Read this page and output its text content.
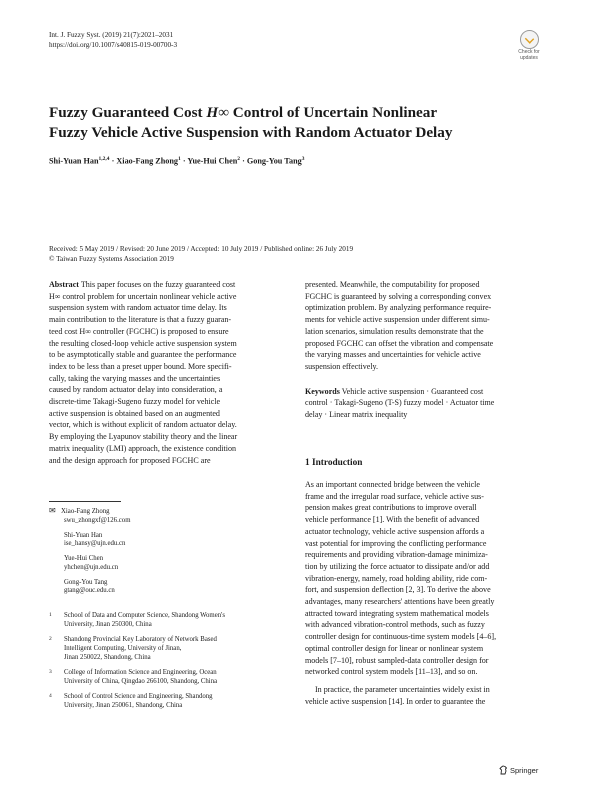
Int. J. Fuzzy Syst. (2019) 21(7):2021–2031
https://doi.org/10.1007/s40815-019-00700-3
Check for
updates
Fuzzy Guaranteed Cost H∞ Control of Uncertain Nonlinear
Fuzzy Vehicle Active Suspension with Random Actuator Delay
Shi-Yuan Han$^{1,2,4}$ · Xiao-Fang Zhong$^1$ · Yue-Hui Chen$^2$ · Gong-You Tang$^3$
Received: 5 May 2019 / Revised: 20 June 2019 / Accepted: 10 July 2019 / Published online: 26 July 2019
© Taiwan Fuzzy Systems Association 2019
Abstract This paper focuses on the fuzzy guaranteed cost
H∞ control problem for uncertain nonlinear vehicle active
suspension system with random actuator time delay. Its
main contribution to the literature is that a fuzzy guaran-
teed cost H∞ controller (FGCHC) is proposed to ensure
the resulting closed-loop vehicle active suspension system
to be asymptotically stable and guarantee the performance
index to be less than a preset upper bound. More specifi-
cally, taking the varying masses and the uncertainties
caused by random actuator delay into consideration, a
discrete-time Takagi-Sugeno fuzzy model for vehicle
active suspension is obtained based on an augmented
vector, which is without explicit of random actuator delay.
By employing the Lyapunov stability theory and the linear
matrix inequality (LMI) approach, the existence condition
and the design approach for proposed FGCHC are
presented. Meanwhile, the computability for proposed
FGCHC is guaranteed by solving a corresponding convex
optimization problem. By analyzing performance require-
ments for vehicle active suspension under different simu-
lation scenarios, simulation results demonstrate that the
proposed FGCHC can offset the vibration and compensate
the varying masses and uncertainties for vehicle active
suspension effectively.
Keywords Vehicle active suspension · Guaranteed cost
control · Takagi-Sugeno (T-S) fuzzy model · Actuator time
delay · Linear matrix inequality
1 Introduction
As an important connected bridge between the vehicle
frame and the irregular road surface, vehicle active sus-
pension makes great contributions to improve overall
vehicle performance [1]. With the benefit of advanced
actuator technology, vehicle active suspension affords a
vast potential for improving the conflicting performance
requirements and providing vibration-damage minimiza-
tion by utilizing the force actuator to dissipate and/or add
vibration-energy, namely, road holding ability, ride com-
fort, and suspension deflection [2, 3]. To derive the above
advantages, many researchers' attentions have been greatly
attracted toward integrating system mathematical models
with advanced vibration-control methods, such as fuzzy
controller design for continuous-time system models [4–6],
optimal controller design for linear or nonlinear system
models [7–10], robust sampled-data controller design for
networked control system models [11–13], and so on.
In practice, the parameter uncertainties widely exist in
vehicle active suspension [14]. In order to guarantee the
✉ Xiao-Fang Zhong
swu_zhongxf@126.com
Shi-Yuan Han
ise_hansy@ujn.edu.cn
Yue-Hui Chen
yhchen@ujn.edu.cn
Gong-You Tang
gtang@ouc.edu.cn
1	School of Data and Computer Science, Shandong Women's
University, Jinan 250300, China
2	Shandong Provincial Key Laboratory of Network Based
Intelligent Computing, University of Jinan,
Jinan 250022, Shandong, China
3	College of Information Science and Engineering, Ocean
University of China, Qingdao 266100, Shandong, China
4	School of Control Science and Engineering, Shandong
University, Jinan 250061, Shandong, China
Springer
